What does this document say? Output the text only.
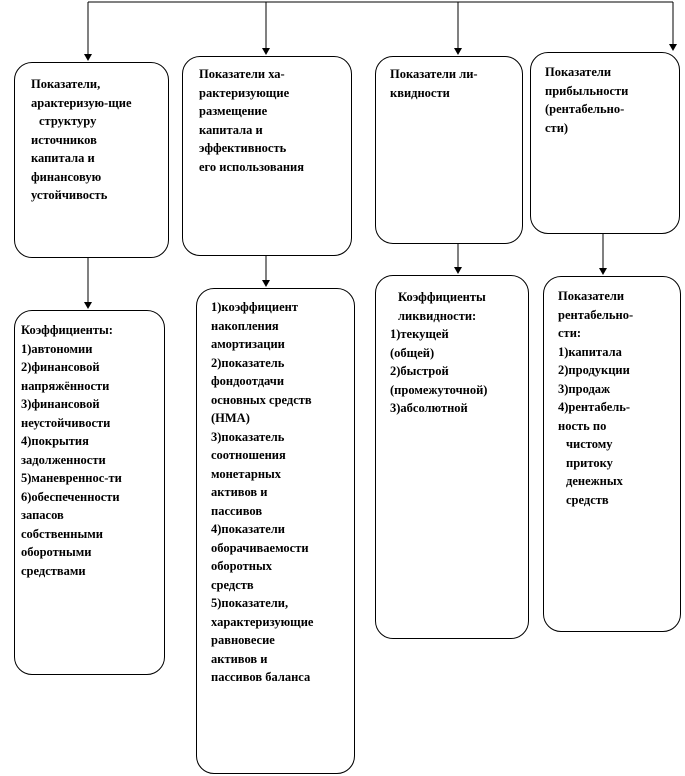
Показатели,
арактеризую-щие
структуру
источников
капитала и
финансовую
устойчивость
Показатели ха-
рактеризующие
размещение
капитала и
эффективность
его использования
Показатели ли-
квидности
Показатели
прибыльности
(рентабельно-
сти)
Коэффициенты:
1)автономии
2)финансовой
напряжённости
3)финансовой
неустойчивости
4)покрытия
задолженности
5)маневреннос-ти
6)обеспеченности
запасов
собственными
оборотными
средствами
1)коэффициент
накопления
амортизации
2)показатель
фондоотдачи
основных средств
(НМА)
3)показатель
соотношения
монетарных
активов и
пассивов
4)показатели
оборачиваемости
оборотных
средств
5)показатели,
характеризующие
равновесие
активов и
пассивов баланса
Коэффициенты
ликвидности:
1)текущей
(общей)
2)быстрой
(промежуточной)
3)абсолютной
Показатели
рентабельно-
сти:
1)капитала
2)продукции
3)продаж
4)рентабель-
ность по
чистому
притоку
денежных
средств
